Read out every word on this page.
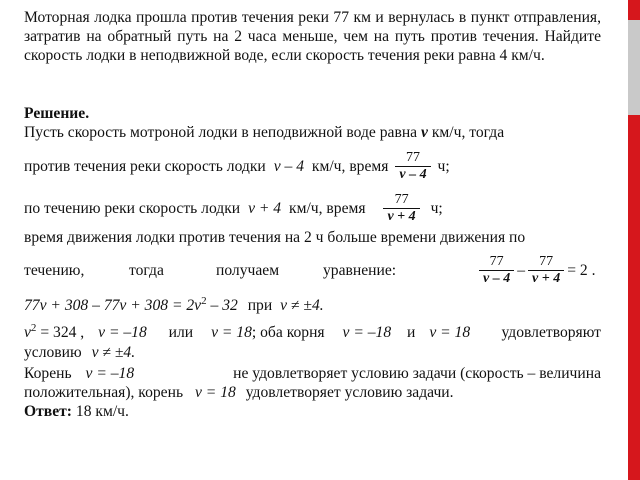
Моторная лодка прошла против течения реки 77 км и вернулась в пункт отправления, затратив на обратный путь на 2 часа меньше, чем на путь против течения. Найдите скорость лодки в неподвижной воде, если скорость течения реки равна 4 км/ч.
Решение.
Пусть скорость мотроной лодки в неподвижной воде равна v км/ч, тогда
против течения реки скорость лодки v – 4 км/ч, время $\frac{77}{v - 4} ч$;
по течению реки скорость лодки v + 4 км/ч, время $\frac{77}{v + 4} ч$;
время движения лодки против течения на 2 ч больше времени движения по
течению,	тогда	получаем	уравнение:	$\frac{77}{v - 4} - \frac{77}{v + 4} = 2$ .
$77v + 308 - 77v + 308 = 2v^2 - 32$ при v ≠ ±4.
$v^2 = 324$ , v = –18 или v = 18; оба корня v = –18 и v = 18 удовлетворяют
условию v ≠ ±4.
Корень v = –18	не удовлетворяет условию задачи (скорость – величина
положительная), корень v = 18 удовлетворяет условию задачи.
Ответ: 18 км/ч.
